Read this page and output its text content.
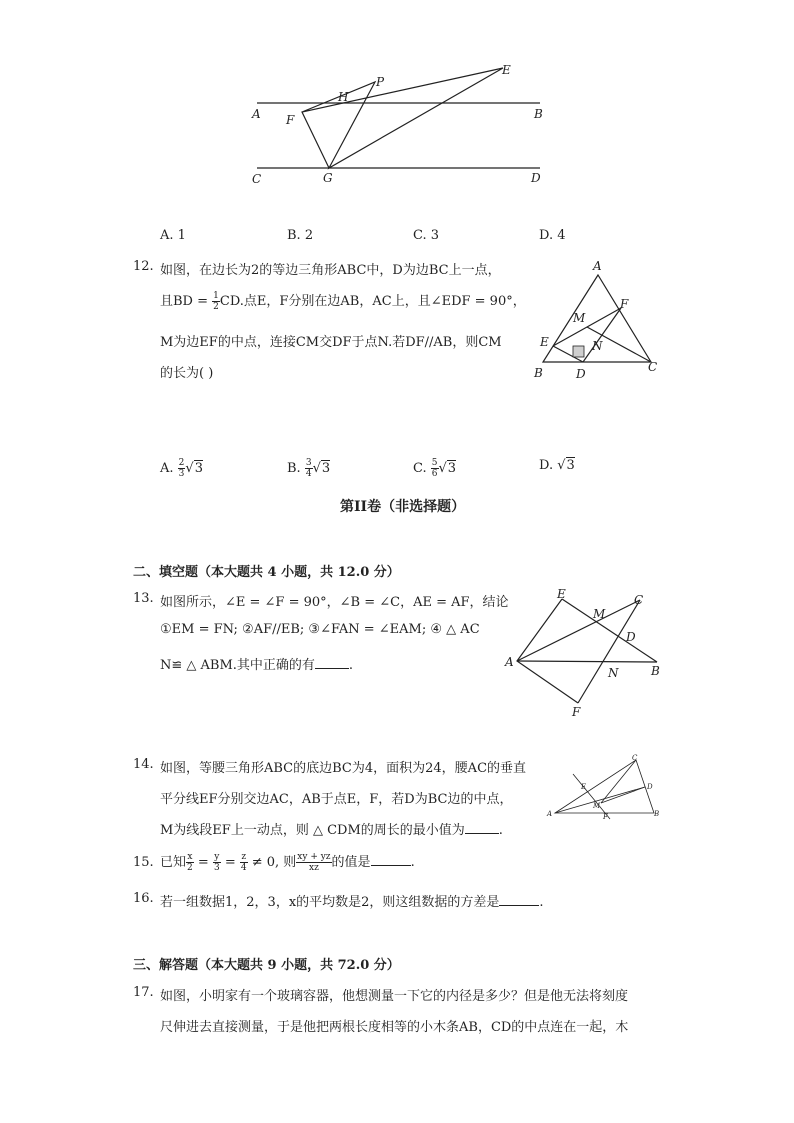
A	B
C	D
E
F
G
H
P
A. 1	B. 2	C. 3	D. 4
12. 如图，在边长为2的等边三角形ABC中，D为边BC上一点，
且BD = $\frac{1}{2}$ CD.点E，F分别在边AB，AC上，且∠EDF = 90°，
M为边EF的中点，连接CM交DF于点N.若DF//AB，则CM
的长为( )
A
B	C
D
E
F
M
N
A. $\frac{2}{3} √3$	B. $\frac{3}{4} √3$	C. $\frac{5}{6} √3$	D. √3
第II卷（非选择题）
二、填空题（本大题共 4 小题，共 12.0 分）
13. 如图所示，∠E = ∠F = 90°，∠B = ∠C，AE = AF，结论
①EM = FN; ②AF//EB; ③∠FAN = ∠EAM; ④ △ AC
N≌ △ ABM.其中正确的有	.
E	C
M
D
A
N	B
F
14. 如图，等腰三角形ABC的底边BC为4，面积为24，腰AC的垂直
平分线EF分别交边AC，AB于点E，F，若D为BC边的中点，
M为线段EF上一动点，则 △ CDM的周长的最小值为	.
C
E	D
M
A	F	B
15. 已知 $\frac{x}{2} = \frac{y}{3} = \frac{z}{4} \ne 0$, 则 $\frac{xy + yz}{xz}$ 的值是	.
16. 若一组数据1，2，3，x的平均数是2，则这组数据的方差是	.
三、解答题（本大题共 9 小题，共 72.0 分）
17. 如图，小明家有一个玻璃容器，他想测量一下它的内径是多少？但是他无法将刻度
尺伸进去直接测量，于是他把两根长度相等的小木条AB，CD的中点连在一起，木
